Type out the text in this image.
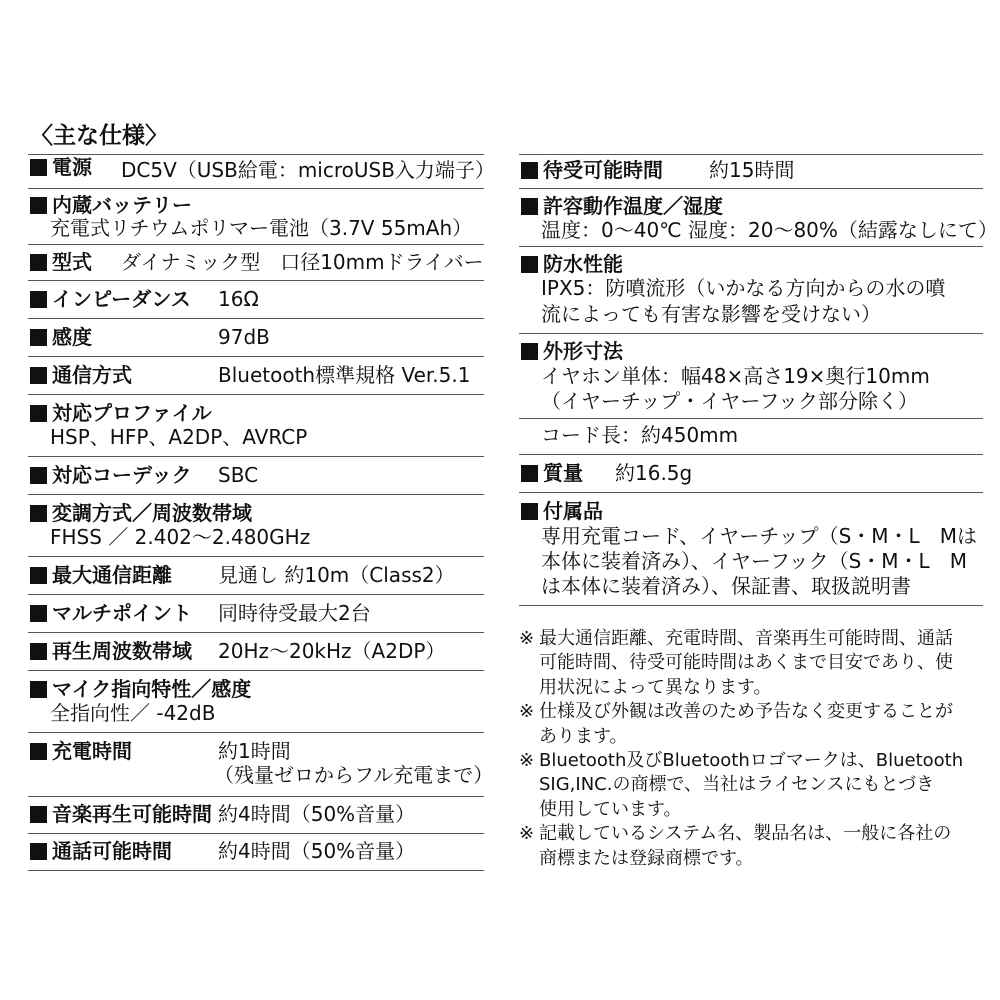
〈主な仕様〉
電源 DC5V（USB給電：microUSB入力端子）
内蔵バッテリー
充電式リチウムポリマー電池（3.7V 55mAh）
型式 ダイナミック型　口径10mmドライバー
インピーダンス 16Ω
感度	97dB
通信方式	Bluetooth標準規格 Ver.5.1
対応プロファイル
HSP、HFP、A2DP、AVRCP
対応コーデック SBC
変調方式／周波数帯域
FHSS ／ 2.402〜2.480GHz
最大通信距離 見通し 約10m（Class2）
マルチポイント 同時待受最大2台
再生周波数帯域 20Hz〜20kHz（A2DP）
マイク指向特性／感度
全指向性／ -42dB
充電時間	約1時間
（残量ゼロからフル充電まで）
音楽再生可能時間 約4時間（50%音量）
通話可能時間 約4時間（50%音量）
待受可能時間 約15時間
許容動作温度／湿度
温度：0〜40℃ 湿度：20〜80%（結露なしにて）
防水性能
IPX5：防噴流形（いかなる方向からの水の噴
流によっても有害な影響を受けない）
外形寸法
イヤホン単体：幅48×高さ19×奥行10mm
（イヤーチップ・イヤーフック部分除く）
コード長：約450mm
質量 約16.5g
付属品
専用充電コード、イヤーチップ（S・M・L　Mは
本体に装着済み）、イヤーフック（S・M・L　M
は本体に装着済み）、保証書、取扱説明書
※ 最大通信距離、充電時間、音楽再生可能時間、通話
可能時間、待受可能時間はあくまで目安であり、使
用状況によって異なります。
※ 仕様及び外観は改善のため予告なく変更することが
あります。
※ Bluetooth及びBluetoothロゴマークは、Bluetooth
SIG,INC.の商標で、当社はライセンスにもとづき
使用しています。
※ 記載しているシステム名、製品名は、一般に各社の
商標または登録商標です。
